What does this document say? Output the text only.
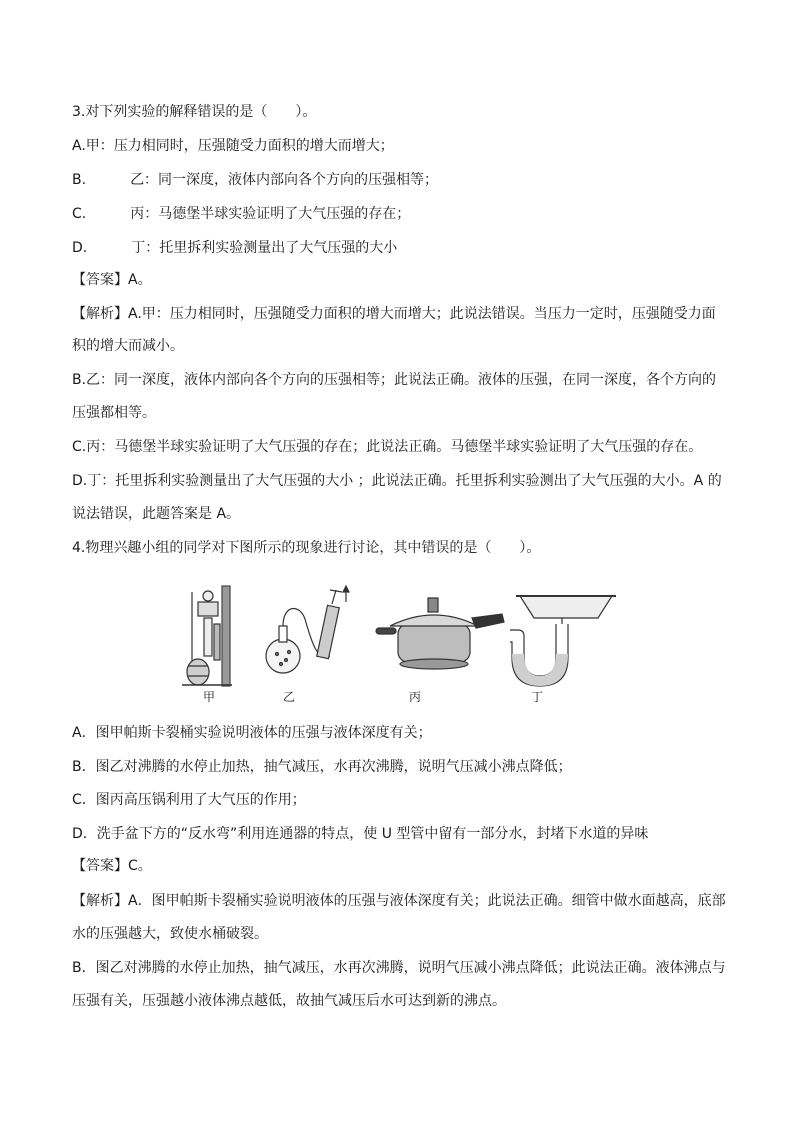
3.对下列实验的解释错误的是（　　）。
A.甲：压力相同时，压强随受力面积的增大而增大；
B.	乙：同一深度，液体内部向各个方向的压强相等；
C.	丙：马德堡半球实验证明了大气压强的存在；
D.	丁：托里拆利实验测量出了大气压强的大小
【答案】A。
【解析】A.甲：压力相同时，压强随受力面积的增大而增大；此说法错误。当压力一定时，压强随受力面
积的增大而减小。
B.乙：同一深度，液体内部向各个方向的压强相等；此说法正确。液体的压强，在同一深度，各个方向的
压强都相等。
C.丙：马德堡半球实验证明了大气压强的存在；此说法正确。马德堡半球实验证明了大气压强的存在。
D.丁：托里拆利实验测量出了大气压强的大小 ；此说法正确。托里拆利实验测出了大气压强的大小。A 的
说法错误，此题答案是 A。
4.物理兴趣小组的同学对下图所示的现象进行讨论，其中错误的是（　　）。
甲	乙	丙	丁
A．图甲帕斯卡裂桶实验说明液体的压强与液体深度有关；
B．图乙对沸腾的水停止加热，抽气减压，水再次沸腾，说明气压减小沸点降低；
C．图丙高压锅利用了大气压的作用；
D．洗手盆下方的“反水弯”利用连通器的特点，使 U 型管中留有一部分水，封堵下水道的异味
【答案】C。
【解析】A．图甲帕斯卡裂桶实验说明液体的压强与液体深度有关；此说法正确。细管中做水面越高，底部
水的压强越大，致使水桶破裂。
B．图乙对沸腾的水停止加热，抽气减压，水再次沸腾，说明气压减小沸点降低；此说法正确。液体沸点与
压强有关，压强越小液体沸点越低，故抽气减压后水可达到新的沸点。
